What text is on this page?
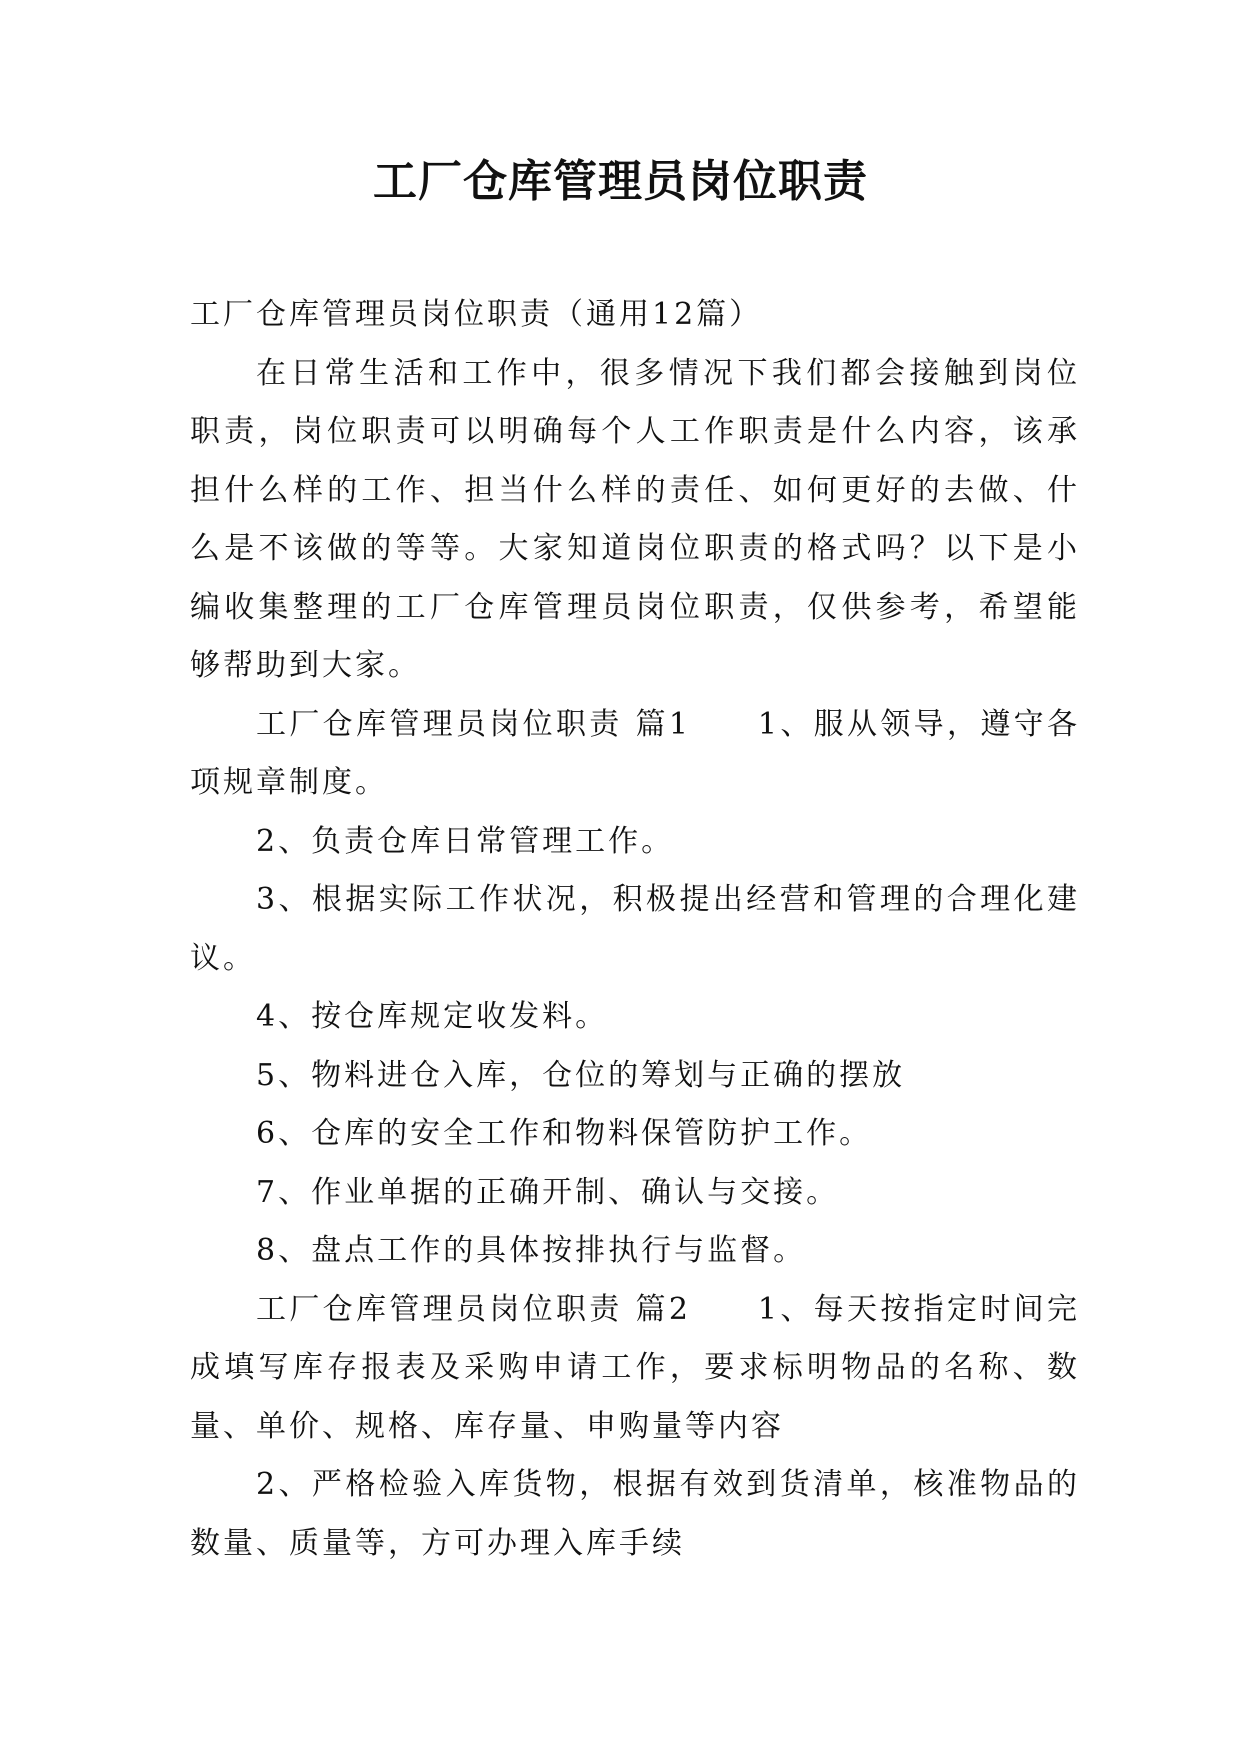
工厂仓库管理员岗位职责

工厂仓库管理员岗位职责（通用12篇）

在日常生活和工作中，很多情况下我们都会接触到岗位职责，岗位职责可以明确每个人工作职责是什么内容，该承担什么样的工作、担当什么样的责任、如何更好的去做、什么是不该做的等等。大家知道岗位职责的格式吗？以下是小编收集整理的工厂仓库管理员岗位职责，仅供参考，希望能够帮助到大家。

工厂仓库管理员岗位职责 篇1　　1、服从领导，遵守各项规章制度。

2、负责仓库日常管理工作。

3、根据实际工作状况，积极提出经营和管理的合理化建议。

4、按仓库规定收发料。

5、物料进仓入库，仓位的筹划与正确的摆放

6、仓库的安全工作和物料保管防护工作。

7、作业单据的正确开制、确认与交接。

8、盘点工作的具体按排执行与监督。

工厂仓库管理员岗位职责 篇2　　1、每天按指定时间完成填写库存报表及采购申请工作，要求标明物品的名称、数量、单价、规格、库存量、申购量等内容

2、严格检验入库货物，根据有效到货清单，核准物品的数量、质量等，方可办理入库手续
